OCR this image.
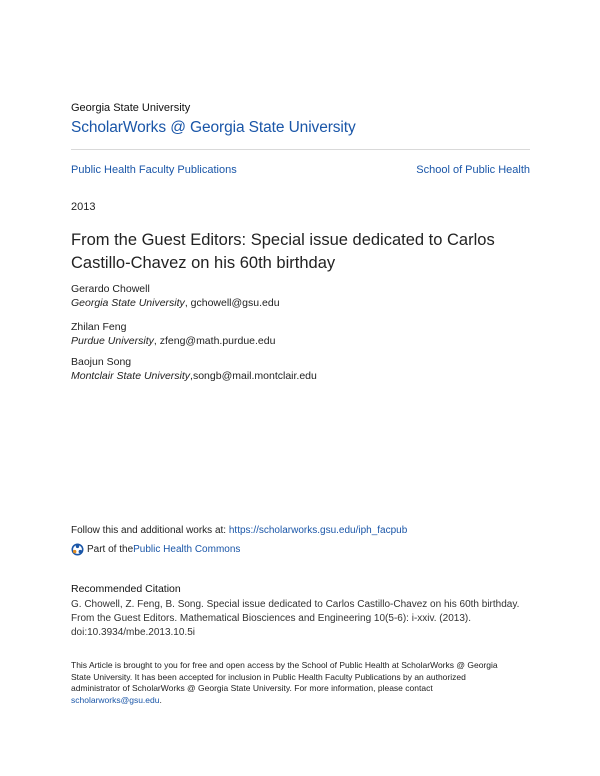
Georgia State University
ScholarWorks @ Georgia State University
Public Health Faculty Publications	School of Public Health
2013
From the Guest Editors: Special issue dedicated to Carlos Castillo-Chavez on his 60th birthday
Gerardo Chowell
Georgia State University, gchowell@gsu.edu
Zhilan Feng
Purdue University, zfeng@math.purdue.edu
Baojun Song
Montclair State University,songb@mail.montclair.edu
Follow this and additional works at: https://scholarworks.gsu.edu/iph_facpub
Part of the Public Health Commons
Recommended Citation
G. Chowell, Z. Feng, B. Song. Special issue dedicated to Carlos Castillo-Chavez on his 60th birthday. From the Guest Editors. Mathematical Biosciences and Engineering 10(5-6): i-xxiv. (2013). doi:10.3934/mbe.2013.10.5i
This Article is brought to you for free and open access by the School of Public Health at ScholarWorks @ Georgia State University. It has been accepted for inclusion in Public Health Faculty Publications by an authorized administrator of ScholarWorks @ Georgia State University. For more information, please contact scholarworks@gsu.edu.
